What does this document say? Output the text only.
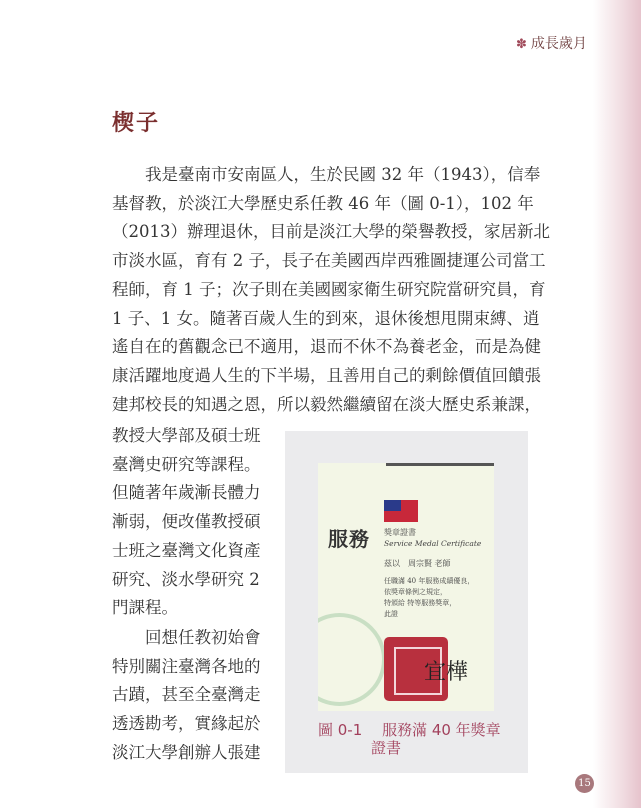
✽ 成長歲月
楔子
　　我是臺南市安南區人，生於民國 32 年（1943），信奉
基督教，於淡江大學歷史系任教 46 年（圖 0-1），102 年
（2013）辦理退休，目前是淡江大學的榮譽教授，家居新北
市淡水區，育有 2 子，長子在美國西岸西雅圖捷運公司當工
程師，育 1 子；次子則在美國國家衛生研究院當研究員，育
1 子、1 女。隨著百歲人生的到來，退休後想甩開束縛、逍
遙自在的舊觀念已不適用，退而不休不為養老金，而是為健
康活躍地度過人生的下半場，且善用自己的剩餘價值回饋張
建邦校長的知遇之恩，所以毅然繼續留在淡大歷史系兼課，
教授大學部及碩士班
臺灣史研究等課程。
但隨著年歲漸長體力
漸弱，便改僅教授碩
士班之臺灣文化資產
研究、淡水學研究 2
門課程。
　　回想任教初始會
特別關注臺灣各地的
古蹟，甚至全臺灣走
透透勘考，實緣起於
淡江大學創辦人張建
服務 獎章證書
Service Medal Certificate
茲以　周宗賢 老師
任職滿 40 年服務成績優良，
依獎章條例之規定，
特頒給 特等服務獎章，
此證
宜樺
圖 0-1　 服務滿 40 年獎章
證書
15
